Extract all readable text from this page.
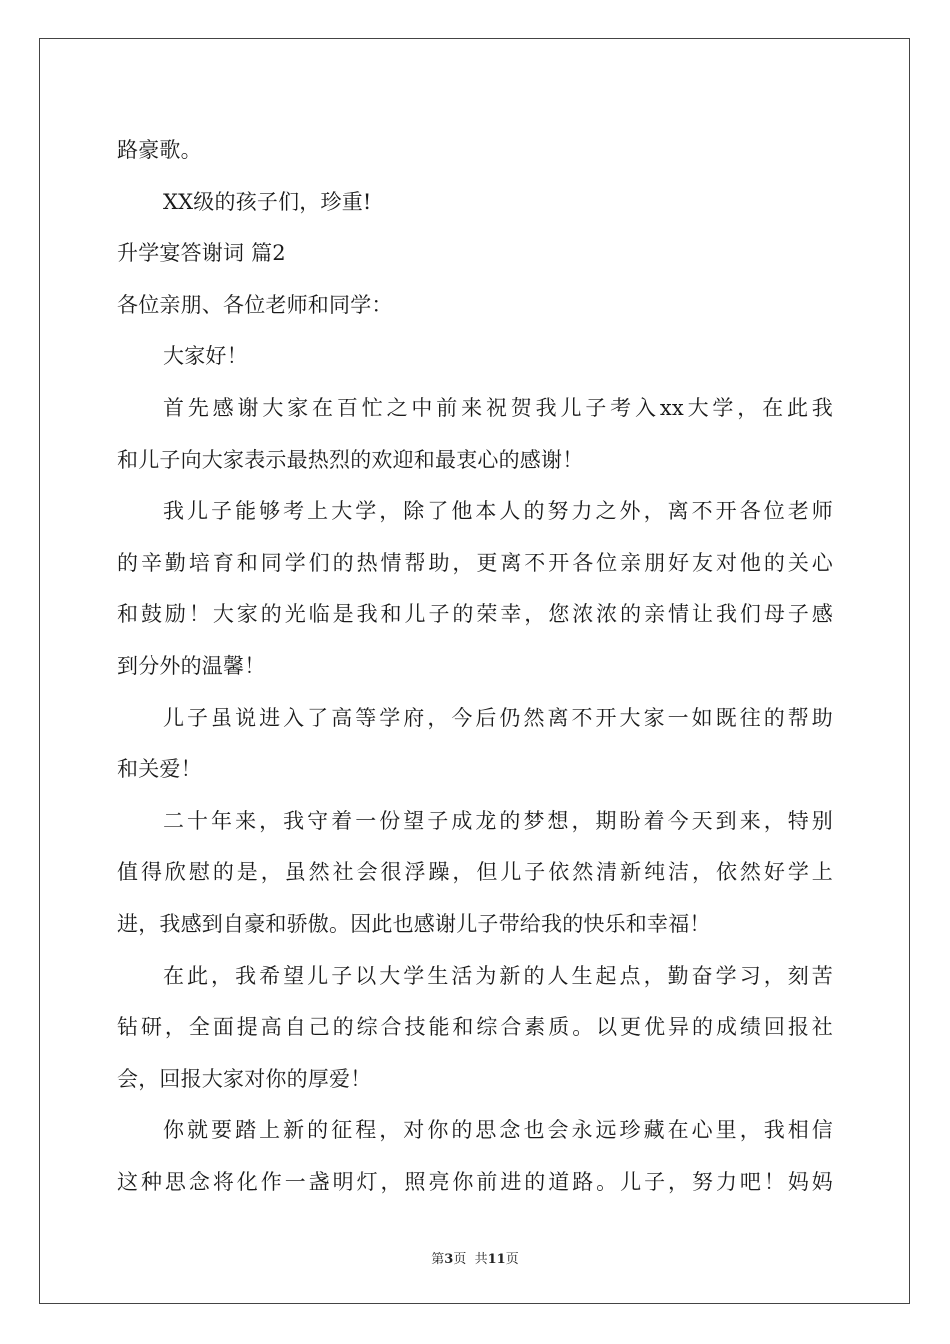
路豪歌。
XX级的孩子们，珍重!
升学宴答谢词 篇2
各位亲朋、各位老师和同学：
大家好！
首先感谢大家在百忙之中前来祝贺我儿子考入xx大学，在此我
和儿子向大家表示最热烈的欢迎和最衷心的感谢！
我儿子能够考上大学，除了他本人的努力之外，离不开各位老师
的辛勤培育和同学们的热情帮助，更离不开各位亲朋好友对他的关心
和鼓励！大家的光临是我和儿子的荣幸，您浓浓的亲情让我们母子感
到分外的温馨！
儿子虽说进入了高等学府，今后仍然离不开大家一如既往的帮助
和关爱！
二十年来，我守着一份望子成龙的梦想，期盼着今天到来，特别
值得欣慰的是，虽然社会很浮躁，但儿子依然清新纯洁，依然好学上
进，我感到自豪和骄傲。因此也感谢儿子带给我的快乐和幸福！
在此，我希望儿子以大学生活为新的人生起点，勤奋学习，刻苦
钻研，全面提高自己的综合技能和综合素质。以更优异的成绩回报社
会，回报大家对你的厚爱！
你就要踏上新的征程，对你的思念也会永远珍藏在心里，我相信
这种思念将化作一盏明灯，照亮你前进的道路。儿子，努力吧！妈妈
第3页  共11页
